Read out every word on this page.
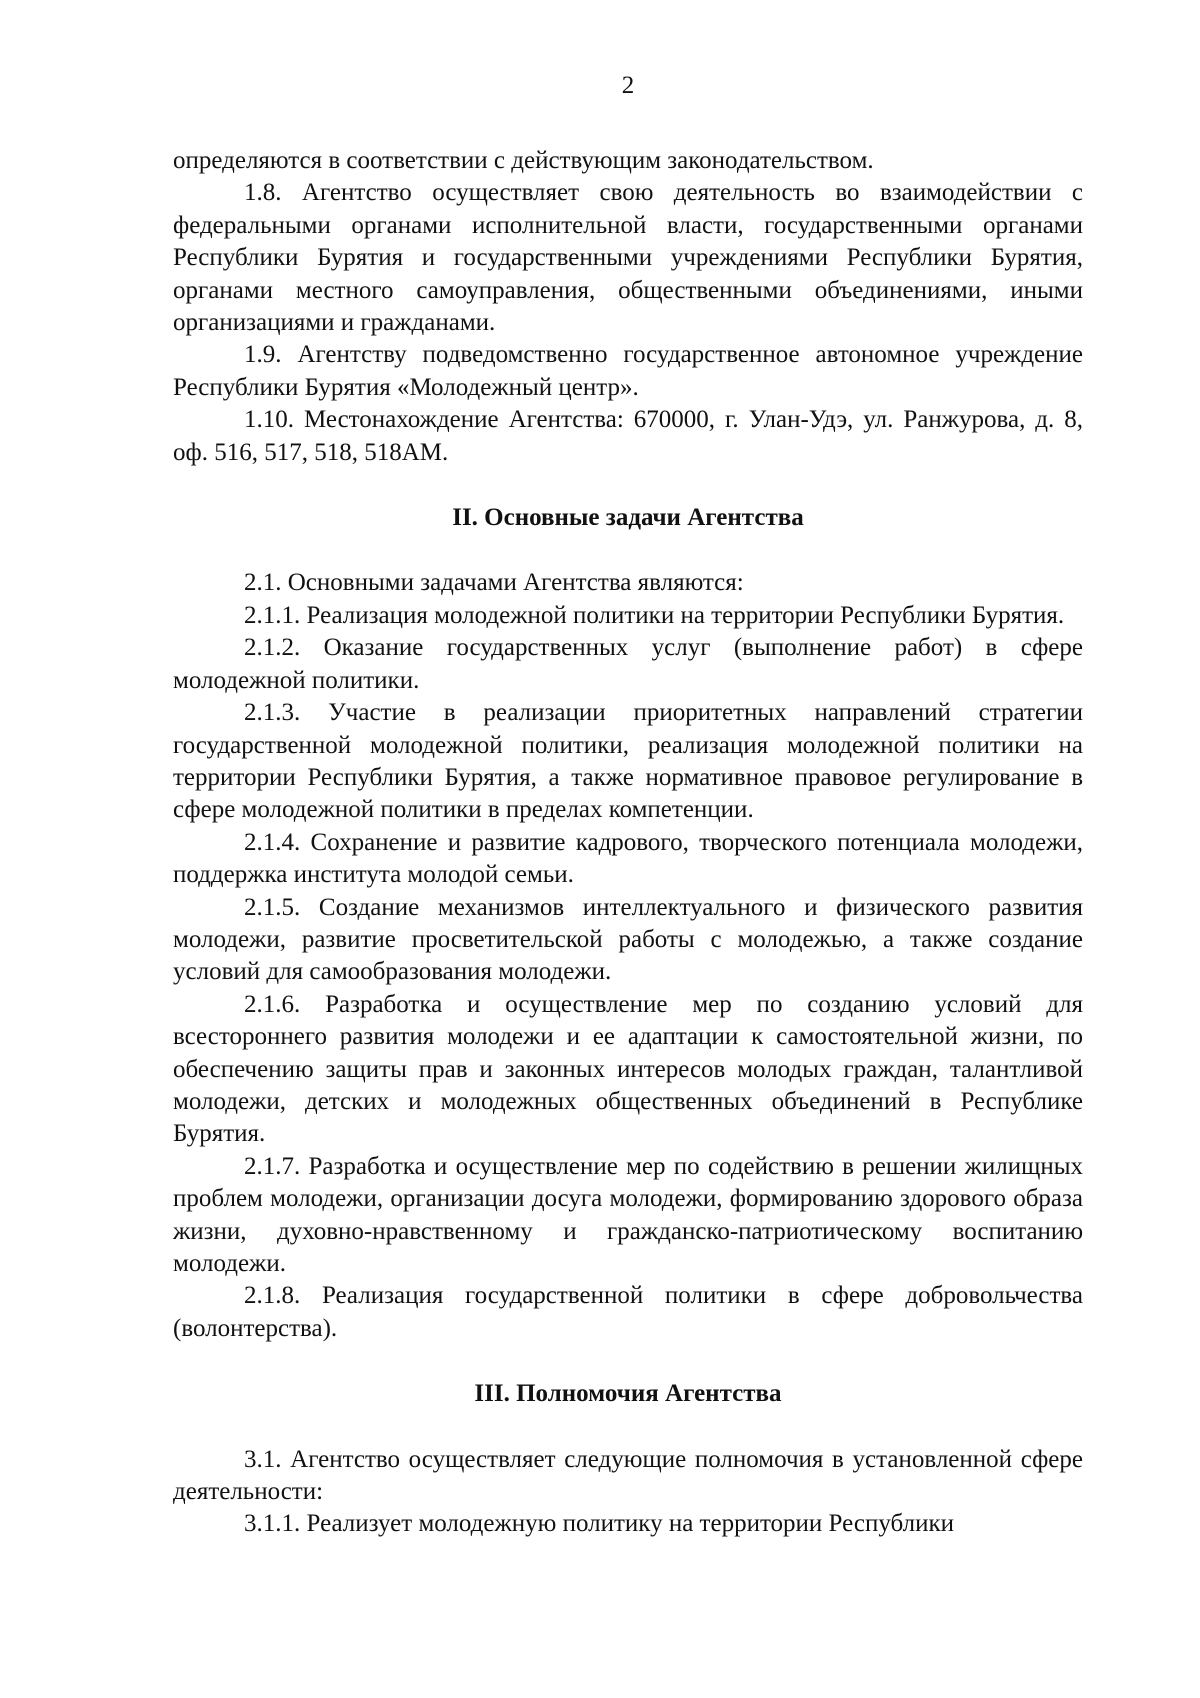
2

определяются в соответствии с действующим законодательством.

1.8. Агентство осуществляет свою деятельность во взаимодействии с федеральными органами исполнительной власти, государственными органами Республики Бурятия и государственными учреждениями Республики Бурятия, органами местного самоуправления, общественными объединениями, иными организациями и гражданами.

1.9. Агентству подведомственно государственное автономное учреждение Республики Бурятия «Молодежный центр».

1.10. Местонахождение Агентства: 670000, г. Улан-Удэ, ул. Ранжурова, д. 8, оф. 516, 517, 518, 518АМ.

II. Основные задачи Агентства

2.1. Основными задачами Агентства являются:

2.1.1. Реализация молодежной политики на территории Республики Бурятия.

2.1.2. Оказание государственных услуг (выполнение работ) в сфере молодежной политики.

2.1.3. Участие в реализации приоритетных направлений стратегии государственной молодежной политики, реализация молодежной политики на территории Республики Бурятия, а также нормативное правовое регулирование в сфере молодежной политики в пределах компетенции.

2.1.4. Сохранение и развитие кадрового, творческого потенциала молодежи, поддержка института молодой семьи.

2.1.5. Создание механизмов интеллектуального и физического развития молодежи, развитие просветительской работы с молодежью, а также создание условий для самообразования молодежи.

2.1.6. Разработка и осуществление мер по созданию условий для всестороннего развития молодежи и ее адаптации к самостоятельной жизни, по обеспечению защиты прав и законных интересов молодых граждан, талантливой молодежи, детских и молодежных общественных объединений в Республике Бурятия.

2.1.7. Разработка и осуществление мер по содействию в решении жилищных проблем молодежи, организации досуга молодежи, формированию здорового образа жизни, духовно-нравственному и гражданско-патриотическому воспитанию молодежи.

2.1.8. Реализация государственной политики в сфере добровольчества (волонтерства).

III. Полномочия Агентства

3.1. Агентство осуществляет следующие полномочия в установленной сфере деятельности:

3.1.1. Реализует молодежную политику на территории Республики
